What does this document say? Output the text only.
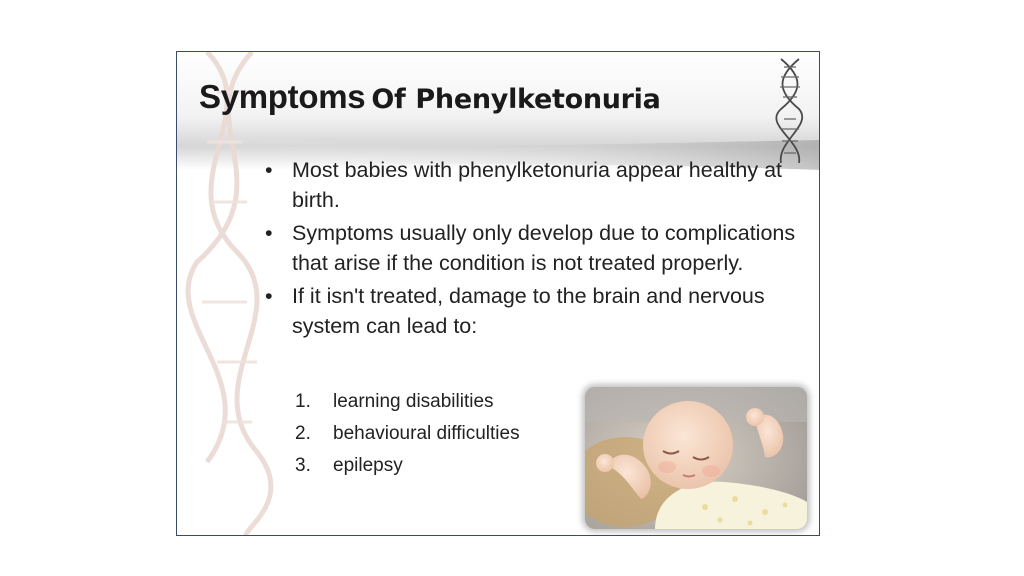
Symptoms Of Phenylketonuria
• Most babies with phenylketonuria appear healthy at birth.
• Symptoms usually only develop due to complications that arise if the condition is not treated properly.
• If it isn't treated, damage to the brain and nervous system can lead to:
1.	learning disabilities
2.	behavioural difficulties
3.	epilepsy
